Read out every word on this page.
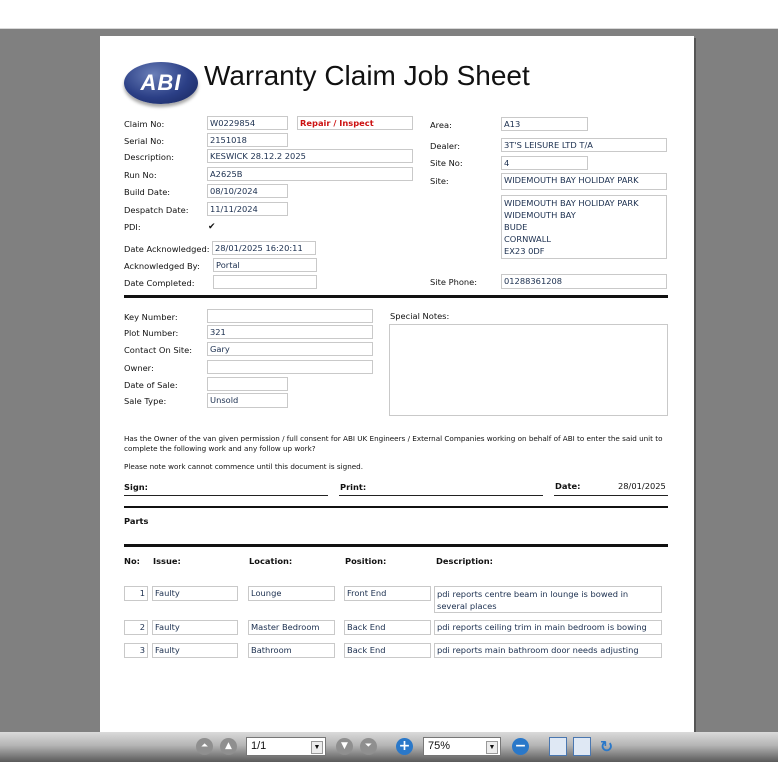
ABI Warranty Claim Job Sheet
Claim No:	W0229854	Repair / Inspect
Serial No:	2151018
Description:	KESWICK 28.12.2 2025
Run No:	A2625B
Build Date:	08/10/2024
Despatch Date:	11/11/2024
PDI:	✔
Date Acknowledged: 28/01/2025 16:20:11
Acknowledged By:	Portal
Date Completed:
Area:	A13
Dealer:	3T'S LEISURE LTD T/A
Site No:	4
Site:	WIDEMOUTH BAY HOLIDAY PARK
WIDEMOUTH BAY HOLIDAY PARK
WIDEMOUTH BAY
BUDE
CORNWALL
EX23 0DF
Site Phone:	01288361208
Key Number:
Plot Number:	321
Contact On Site:	Gary
Owner:
Date of Sale:
Sale Type:	Unsold
Special Notes:
Has the Owner of the van given permission / full consent for ABI UK Engineers / External Companies working on behalf of ABI to enter the said unit to complete the following work and any follow up work?
Please note work cannot commence until this document is signed.
Sign:	Print:	Date:	28/01/2025
Parts
No: Issue:	Location:	Position:	Description:
1	Faulty	Lounge	Front End	pdi reports centre beam in lounge is bowed in several places
2	Faulty	Master Bedroom	Back End	pdi reports ceiling trim in main bedroom is bowing
3	Faulty	Bathroom	Back End	pdi reports main bathroom door needs adjusting
⏶	▲	1/1	▼	▼	⏷	+	75%	▼ −	↻
